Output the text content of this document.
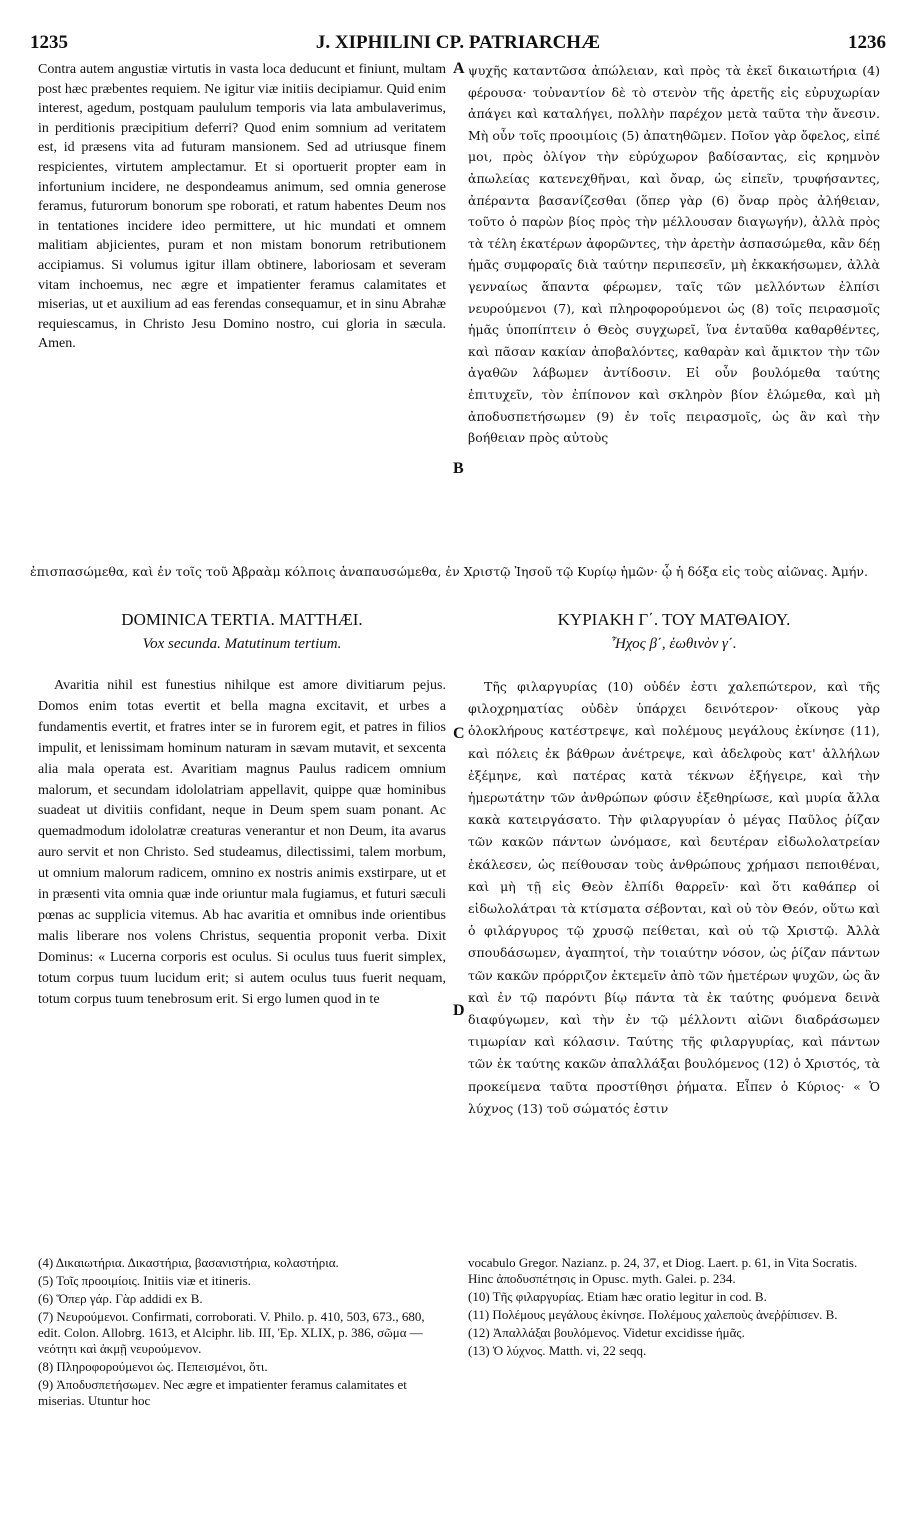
1235	J. XIPHILINI CP. PATRIARCHÆ	1236

Contra autem angustiæ virtutis in vasta loca deducunt et finiunt, multam post hæc præbentes requiem. Ne igitur viæ initiis decipiamur. Quid enim interest, agedum, postquam paululum temporis via lata ambulaverimus, in perditionis præcipitium deferri? Quod enim somnium ad veritatem est, id præsens vita ad futuram mansionem. Sed ad utriusque finem respicientes, virtutem amplectamur. Et si oportuerit propter eam in infortunium incidere, ne despondeamus animum, sed omnia generose feramus, futurorum bonorum spe roborati, et ratum habentes Deum nos in tentationes incidere ideo permittere, ut hic mundati et omnem malitiam abjicientes, puram et non mistam bonorum retributionem accipiamus. Si volumus igitur illam obtinere, laboriosam et severam vitam inchoemus, nec ægre et impatienter feramus calamitates et miserias, ut et auxilium ad eas ferendas consequamur, et in sinu Abrahæ requiescamus, in Christo Jesu Domino nostro, cui gloria in sæcula. Amen.

A
B

ψυχῆς καταντῶσα ἀπώλειαν, καὶ πρὸς τὰ ἐκεῖ δικαιωτήρια (4) φέρουσα· τοὐναντίον δὲ τὸ στενὸν τῆς ἀρετῆς εἰς εὐρυχωρίαν ἀπάγει καὶ καταλήγει, πολλὴν παρέχον μετὰ ταῦτα τὴν ἄνεσιν. Μὴ οὖν τοῖς προοιμίοις (5) ἀπατηθῶμεν. Ποῖον γὰρ ὄφελος, εἰπέ μοι, πρὸς ὀλίγον τὴν εὐρύχωρον βαδίσαντας, εἰς κρημνὸν ἀπωλείας κατενεχθῆναι, καὶ ὄναρ, ὡς εἰπεῖν, τρυφήσαντες, ἀπέραντα βασανίζεσθαι (ὅπερ γὰρ (6) ὄναρ πρὸς ἀλήθειαν, τοῦτο ὁ παρὼν βίος πρὸς τὴν μέλλουσαν διαγωγήν), ἀλλὰ πρὸς τὰ τέλη ἑκατέρων ἀφορῶντες, τὴν ἀρετὴν ἀσπασώμεθα, κἂν δέῃ ἡμᾶς συμφοραῖς διὰ ταύτην περιπεσεῖν, μὴ ἐκκακήσωμεν, ἀλλὰ γενναίως ἅπαντα φέρωμεν, ταῖς τῶν μελλόντων ἐλπίσι νευρούμενοι (7), καὶ πληροφορούμενοι ὡς (8) τοῖς πειρασμοῖς ἡμᾶς ὑποπίπτειν ὁ Θεὸς συγχωρεῖ, ἵνα ἐνταῦθα καθαρθέντες, καὶ πᾶσαν κακίαν ἀποβαλόντες, καθαρὰν καὶ ἄμικτον τὴν τῶν ἀγαθῶν λάβωμεν ἀντίδοσιν. Εἰ οὖν βουλόμεθα ταύτης ἐπιτυχεῖν, τὸν ἐπίπονον καὶ σκληρὸν βίον ἑλώμεθα, καὶ μὴ ἀποδυσπετήσωμεν (9) ἐν τοῖς πειρασμοῖς, ὡς ἂν καὶ τὴν βοήθειαν πρὸς αὐτοὺς

ἐπισπασώμεθα, καὶ ἐν τοῖς τοῦ Ἀβραὰμ κόλποις ἀναπαυσώμεθα, ἐν Χριστῷ Ἰησοῦ τῷ Κυρίῳ ἡμῶν· ᾧ ἡ δόξα εἰς τοὺς αἰῶνας. Ἀμήν.
DOMINICA TERTIA. MATTHÆI.
Vox secunda. Matutinum tertium.
ΚΥΡΙΑΚΗ Γ΄. ΤΟΥ ΜΑΤΘΑΙΟΥ.
Ἦχος β΄, ἑωθινὸν γ΄.

Avaritia nihil est funestius nihilque est amore divitiarum pejus. Domos enim totas evertit et bella magna excitavit, et urbes a fundamentis evertit, et fratres inter se in furorem egit, et patres in filios impulit, et lenissimam hominum naturam in sævam mutavit, et sexcenta alia mala operata est. Avaritiam magnus Paulus radicem omnium malorum, et secundam idololatriam appellavit, quippe quæ hominibus suadeat ut divitiis confidant, neque in Deum spem suam ponant. Ac quemadmodum idololatræ creaturas venerantur et non Deum, ita avarus auro servit et non Christo. Sed studeamus, dilectissimi, talem morbum, ut omnium malorum radicem, omnino ex nostris animis exstirpare, ut et in præsenti vita omnia quæ inde oriuntur mala fugiamus, et futuri sæculi pœnas ac supplicia vitemus. Ab hac avaritia et omnibus inde orientibus malis liberare nos volens Christus, sequentia proponit verba. Dixit Dominus: « Lucerna corporis est oculus. Si oculus tuus fuerit simplex, totum corpus tuum lucidum erit; si autem oculus tuus fuerit nequam, totum corpus tuum tenebrosum erit. Si ergo lumen quod in te

C
D

Τῆς φιλαργυρίας (10) οὐδέν ἐστι χαλεπώτερον, καὶ τῆς φιλοχρηματίας οὐδὲν ὑπάρχει δεινότερον· οἴκους γὰρ ὁλοκλήρους κατέστρεψε, καὶ πολέμους μεγάλους ἐκίνησε (11), καὶ πόλεις ἐκ βάθρων ἀνέτρεψε, καὶ ἀδελφοὺς κατ' ἀλλήλων ἐξέμηνε, καὶ πατέρας κατὰ τέκνων ἐξήγειρε, καὶ τὴν ἡμερωτάτην τῶν ἀνθρώπων φύσιν ἐξεθηρίωσε, καὶ μυρία ἄλλα κακὰ κατειργάσατο. Τὴν φιλαργυρίαν ὁ μέγας Παῦλος ῥίζαν τῶν κακῶν πάντων ὠνόμασε, καὶ δευτέραν εἰδωλολατρείαν ἐκάλεσεν, ὡς πείθουσαν τοὺς ἀνθρώπους χρήμασι πεποιθέναι, καὶ μὴ τῇ εἰς Θεὸν ἐλπίδι θαρρεῖν· καὶ ὅτι καθάπερ οἱ εἰδωλολάτραι τὰ κτίσματα σέβονται, καὶ οὐ τὸν Θεόν, οὕτω καὶ ὁ φιλάργυρος τῷ χρυσῷ πείθεται, καὶ οὐ τῷ Χριστῷ. Ἀλλὰ σπουδάσωμεν, ἀγαπητοί, τὴν τοιαύτην νόσον, ὡς ῥίζαν πάντων τῶν κακῶν πρόρριζον ἐκτεμεῖν ἀπὸ τῶν ἡμετέρων ψυχῶν, ὡς ἂν καὶ ἐν τῷ παρόντι βίῳ πάντα τὰ ἐκ ταύτης φυόμενα δεινὰ διαφύγωμεν, καὶ τὴν ἐν τῷ μέλλοντι αἰῶνι διαδράσωμεν τιμωρίαν καὶ κόλασιν. Ταύτης τῆς φιλαργυρίας, καὶ πάντων τῶν ἐκ ταύτης κακῶν ἀπαλλάξαι βουλόμενος (12) ὁ Χριστός, τὰ προκείμενα ταῦτα προστίθησι ῥήματα. Εἶπεν ὁ Κύριος· « Ὁ λύχνος (13) τοῦ σώματός ἐστιν

(4) Δικαιωτήρια. Δικαστήρια, βασανιστήρια, κολαστήρια.

(5) Τοῖς προοιμίοις. Initiis viæ et itineris.

(6) Ὅπερ γάρ. Γὰρ addidi ex B.

(7) Νευρούμενοι. Confirmati, corroborati. V. Philo. p. 410, 503, 673., 680, edit. Colon. Allobrg. 1613, et Alciphr. lib. III, Ἐp. XLIX, p. 386, σῶμα — νεότητι καὶ ἀκμῇ νευρούμενον.

(8) Πληροφορούμενοι ὡς. Πεπεισμένοι, ὅτι.

(9) Ἀποδυσπετήσωμεν. Nec ægre et impatienter feramus calamitates et miserias. Utuntur hoc

vocabulo Gregor. Nazianz. p. 24, 37, et Diog. Laert. p. 61, in Vita Socratis. Hinc ἀποδυσπέτησις in Opusc. myth. Galei. p. 234.

(10) Τῆς φιλαργυρίας. Etiam hæc oratio legitur in cod. B.

(11) Πολέμους μεγάλους ἐκίνησε. Πολέμους χαλεποὺς ἀνεῤῥίπισεν. B.

(12) Ἀπαλλάξαι βουλόμενος. Videtur excidisse ἡμᾶς.

(13) Ὁ λύχνος. Matth. vi, 22 seqq.
